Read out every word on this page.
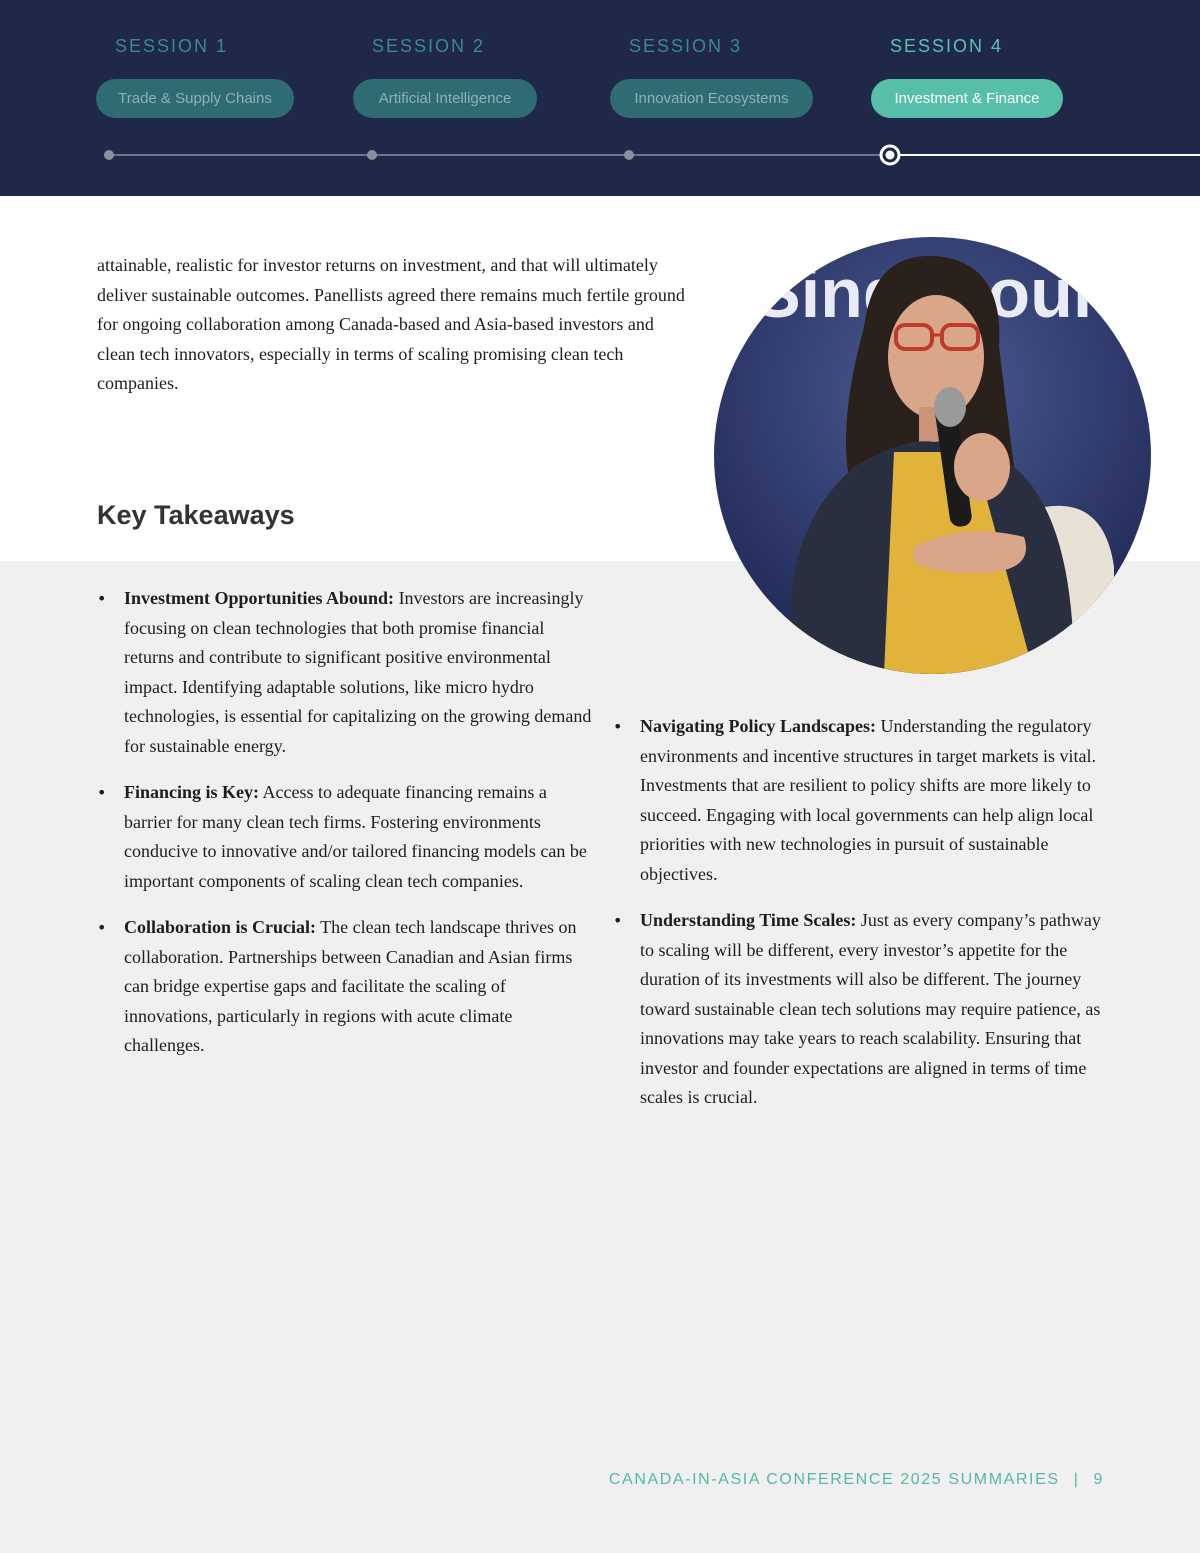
SESSION 1	SESSION 2	SESSION 3	SESSION 4
Trade & Supply Chains	Artificial Intelligence	Innovation Ecosystems	Investment & Finance

attainable, realistic for investor returns on investment, and that will ultimately deliver sustainable outcomes. Panellists agreed there remains much fertile ground for ongoing collaboration among Canada-based and Asia-based investors and clean tech innovators, especially in terms of scaling promising clean tech companies.

Key Takeaways
• Investment Opportunities Abound: Investors are increasingly focusing on clean technologies that both promise financial returns and contribute to significant positive environmental impact. Identifying adaptable solutions, like micro hydro technologies, is essential for capitalizing on the growing demand for sustainable energy.
• Financing is Key: Access to adequate financing remains a barrier for many clean tech firms. Fostering environments conducive to innovative and/or tailored financing models can be important components of scaling clean tech companies.
• Collaboration is Crucial: The clean tech landscape thrives on collaboration. Partnerships between Canadian and Asian firms can bridge expertise gaps and facilitate the scaling of innovations, particularly in regions with acute climate challenges.
• Navigating Policy Landscapes: Understanding the regulatory environments and incentive structures in target markets is vital. Investments that are resilient to policy shifts are more likely to succeed. Engaging with local governments can help align local priorities with new technologies in pursuit of sustainable objectives.
• Understanding Time Scales: Just as every company’s pathway to scaling will be different, every investor’s appetite for the duration of its investments will also be different. The journey toward sustainable clean tech solutions may require patience, as innovations may take years to reach scalability. Ensuring that investor and founder expectations are aligned in terms of time scales is crucial.
CANADA-IN-ASIA CONFERENCE 2025 SUMMARIES | 9
